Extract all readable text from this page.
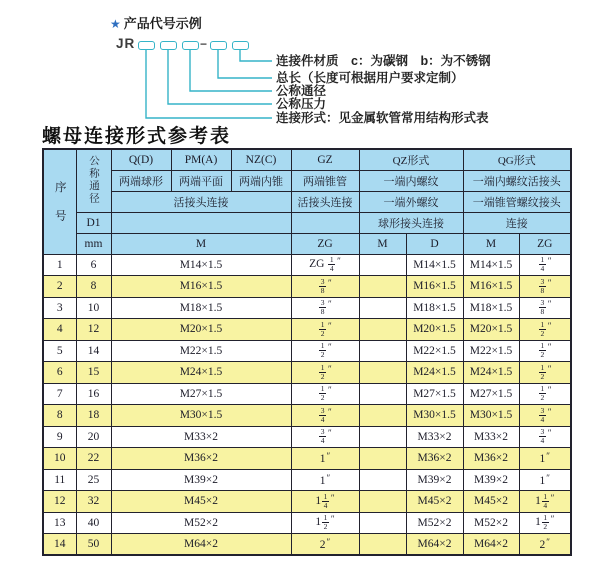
★ 产品代号示例
JR	−
连接件材质　c：为碳钢　b：为不锈钢
总长（长度可根据用户要求定制）
公称通径
公称压力
连接形式：见金属软管常用结构形式表
螺母连接形式参考表
序号	公称通径	Q(D)	PM(A)	NZ(C)	GZ	QZ形式		QG形式	
		两端球形	两端平面	两端内锥	两端锥管	一端内螺纹		一端内螺纹活接头	
		活接头连接			活接头连接	一端外螺纹		一端锥管螺纹接头	
	D1					球形接头连接		连接	
	mm	M			ZG	M	D	M	ZG
1	6	M14×1.5			ZG $\frac{1}{4} ''$		M14×1.5	M14×1.5	$\frac{1}{4} ''$
2	8	M16×1.5			$\frac{3}{8} ''$		M16×1.5	M16×1.5	$\frac{3}{8} ''$
3	10	M18×1.5			$\frac{3}{8} ''$		M18×1.5	M18×1.5	$\frac{3}{8} ''$
4	12	M20×1.5			$\frac{1}{2} ''$		M20×1.5	M20×1.5	$\frac{1}{2} ''$
5	14	M22×1.5			$\frac{1}{2} ''$		M22×1.5	M22×1.5	$\frac{1}{2} ''$
6	15	M24×1.5			$\frac{1}{2} ''$		M24×1.5	M24×1.5	$\frac{1}{2} ''$
7	16	M27×1.5			$\frac{1}{2} ''$		M27×1.5	M27×1.5	$\frac{1}{2} ''$
8	18	M30×1.5			$\frac{3}{4} ''$		M30×1.5	M30×1.5	$\frac{3}{4} ''$
9	20	M33×2			$\frac{3}{4} ''$		M33×2	M33×2	$\frac{3}{4} ''$
10	22	M36×2			1″		M36×2	M36×2	1″
11	25	M39×2			1″		M39×2	M39×2	1″
12	32	M45×2			$1 \frac{1}{4} ''$		M45×2	M45×2	$1 \frac{1}{4} ''$
13	40	M52×2			$1 \frac{1}{2} ''$		M52×2	M52×2	$1 \frac{1}{2} ''$
14	50	M64×2			2″		M64×2	M64×2	2″
